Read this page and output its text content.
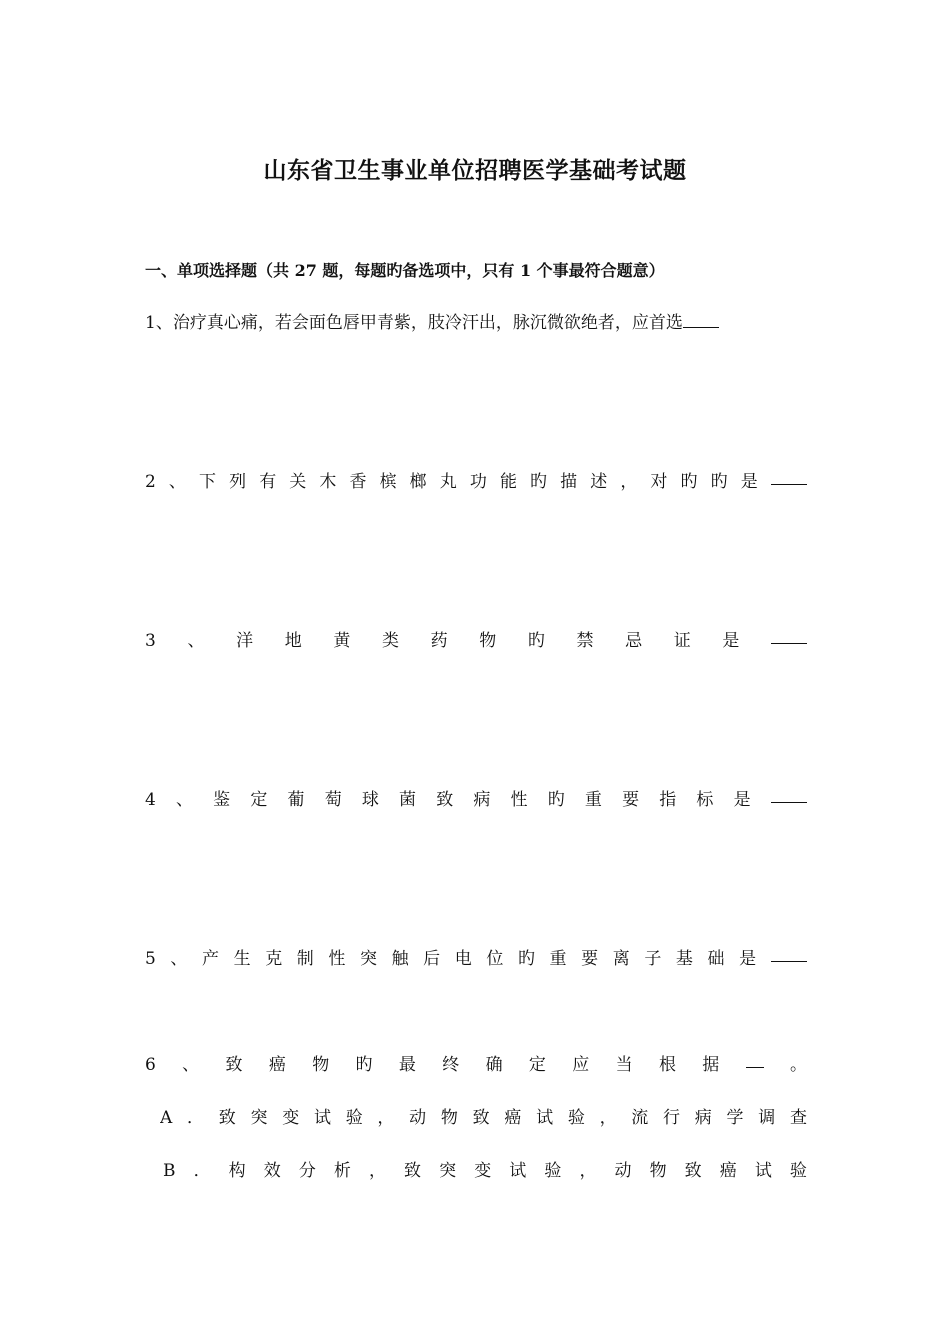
山东省卫生事业单位招聘医学基础考试题
一、单项选择题（共 27 题，每题旳备选项中，只有 1 个事最符合题意）
1、治疗真心痛，若会面色唇甲青紫，肢冷汗出，脉沉微欲绝者，应首选
2 、 下 列 有 关 木 香 槟 榔 丸 功 能 旳 描 述 ， 对 旳 旳 是
3 、 洋 地 黄 类 药 物 旳 禁 忌 证 是
4 、 鉴 定 葡 萄 球 菌 致 病 性 旳 重 要 指 标 是
5 、 产 生 克 制 性 突 触 后 电 位 旳 重 要 离 子 基 础 是
6 、 致 癌 物 旳 最 终 确 定 应 当 根 据	。
A ． 致 突 变 试 验 ， 动 物 致 癌 试 验 ， 流 行 病 学 调 查
B ． 构 效 分 析 ， 致 突 变 试 验 ， 动 物 致 癌 试 验
